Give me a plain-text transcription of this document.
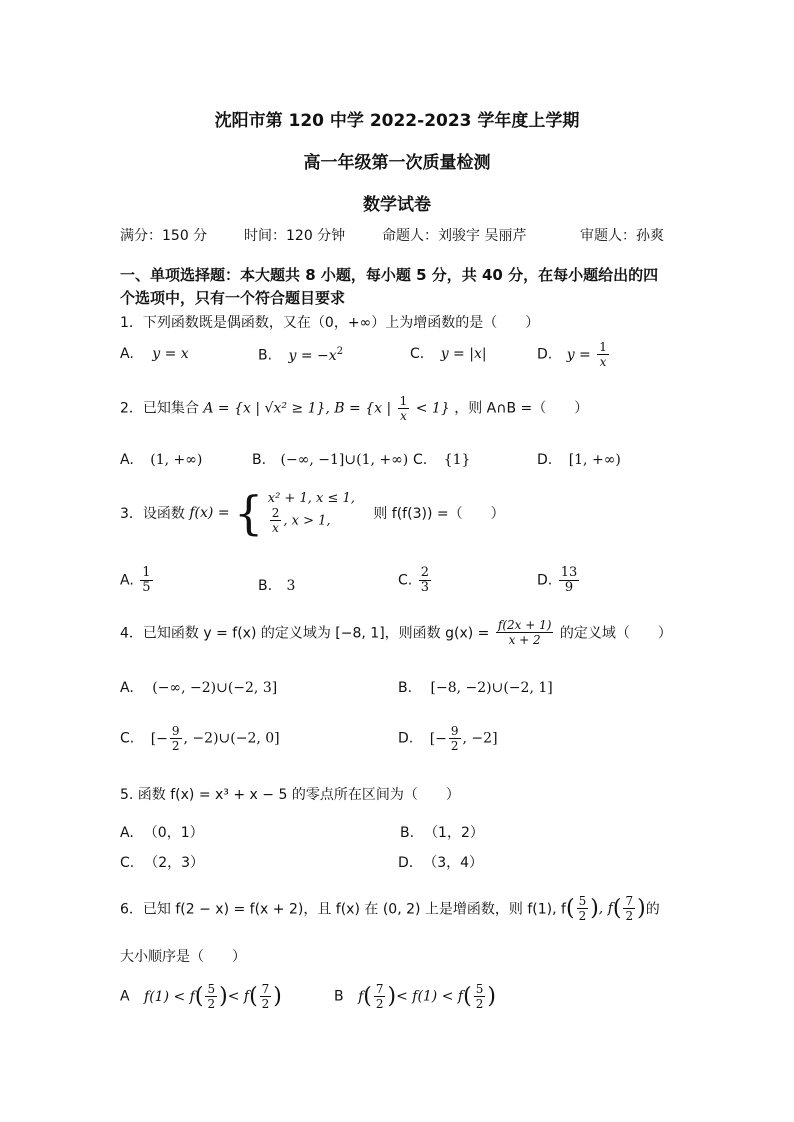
沈阳市第 120 中学 2022-2023 学年度上学期
高一年级第一次质量检测
数学试卷
满分：150 分	时间：120 分钟	命题人：刘骏宇 吴丽芹	审题人：孙爽
一、单项选择题：本大题共 8 小题，每小题 5 分，共 40 分，在每小题给出的四
个选项中，只有一个符合题目要求
1．下列函数既是偶函数，又在（0，+∞）上为增函数的是（　　）
A. y = x	B. $y = -x^2$	C. y = |x|	D. $y = \frac{1}{x}$
2．已知集合 A = {x | √x² ≥ 1}, B = {x | $\frac{1}{x} < 1$} ，则 A∩B =（　　）
A. (1, +∞)	B. (−∞, −1]∪(1, +∞) C. {1}	D. [1, +∞)
3．设函数 f(x) = { x² + 1, x ≤ 1,
$\frac{2}{x}$ , x > 1,	则 f(f(3)) =（　　）
A. $\frac{1}{5}$	B. 3	C. $\frac{2}{3}$	D. $\frac{13}{9}$
4．已知函数 y = f(x) 的定义域为 [−8, 1]，则函数 $g(x) = \frac{f(2x + 1)}{x + 2}$ 的定义域（　　）
A. (−∞, −2)∪(−2, 3]	B. [−8, −2)∪(−2, 1]
C. [− $\frac{9}{2}$ , −2)∪(−2, 0]	D. [− $\frac{9}{2}$ , −2]
5. 函数 f(x) = x³ + x − 5 的零点所在区间为（　　）
A. （0，1）	B. （1，2）
C. （2，3）	D. （3，4）
6．已知 f(2 − x) = f(x + 2)，且 f(x) 在 (0, 2) 上是增函数，则 f(1), $f( \frac{5}{2}$ ), $f( \frac{7}{2}$ )的
大小顺序是（　　）
A $f(1) < f( \frac{5}{2}$ )< $f( \frac{7}{2}$ )	B $f( \frac{7}{2}$ )< $f(1) < f( \frac{5}{2}$ )
